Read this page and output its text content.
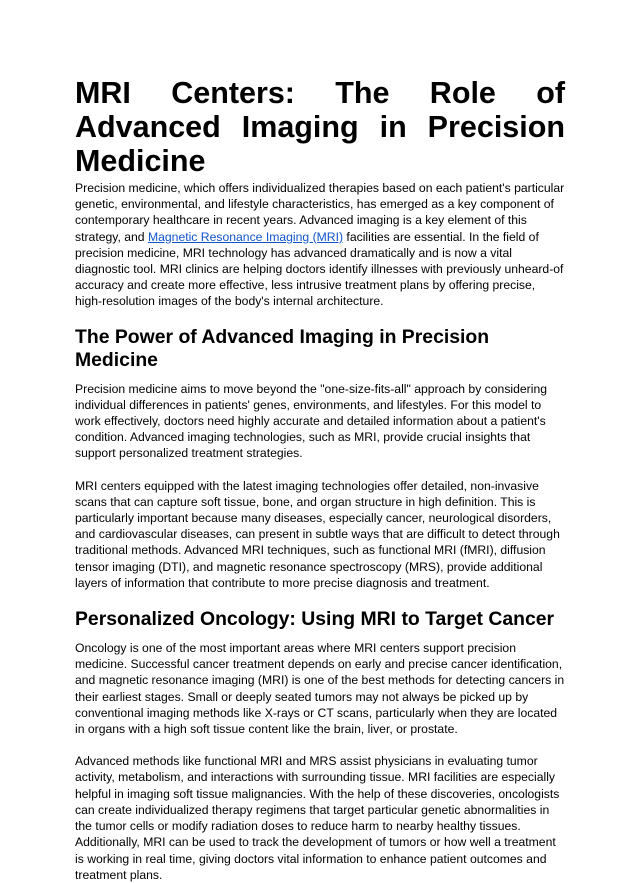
MRI Centers: The Role of Advanced Imaging in Precision Medicine

Precision medicine, which offers individualized therapies based on each patient's particular genetic, environmental, and lifestyle characteristics, has emerged as a key component of contemporary healthcare in recent years. Advanced imaging is a key element of this strategy, and Magnetic Resonance Imaging (MRI) facilities are essential. In the field of precision medicine, MRI technology has advanced dramatically and is now a vital diagnostic tool. MRI clinics are helping doctors identify illnesses with previously unheard-of accuracy and create more effective, less intrusive treatment plans by offering precise, high-resolution images of the body's internal architecture.

The Power of Advanced Imaging in Precision Medicine

Precision medicine aims to move beyond the "one-size-fits-all" approach by considering individual differences in patients' genes, environments, and lifestyles. For this model to work effectively, doctors need highly accurate and detailed information about a patient's condition. Advanced imaging technologies, such as MRI, provide crucial insights that support personalized treatment strategies.

MRI centers equipped with the latest imaging technologies offer detailed, non-invasive scans that can capture soft tissue, bone, and organ structure in high definition. This is particularly important because many diseases, especially cancer, neurological disorders, and cardiovascular diseases, can present in subtle ways that are difficult to detect through traditional methods. Advanced MRI techniques, such as functional MRI (fMRI), diffusion tensor imaging (DTI), and magnetic resonance spectroscopy (MRS), provide additional layers of information that contribute to more precise diagnosis and treatment.

Personalized Oncology: Using MRI to Target Cancer

Oncology is one of the most important areas where MRI centers support precision medicine. Successful cancer treatment depends on early and precise cancer identification, and magnetic resonance imaging (MRI) is one of the best methods for detecting cancers in their earliest stages. Small or deeply seated tumors may not always be picked up by conventional imaging methods like X-rays or CT scans, particularly when they are located in organs with a high soft tissue content like the brain, liver, or prostate.

Advanced methods like functional MRI and MRS assist physicians in evaluating tumor activity, metabolism, and interactions with surrounding tissue. MRI facilities are especially helpful in imaging soft tissue malignancies. With the help of these discoveries, oncologists can create individualized therapy regimens that target particular genetic abnormalities in the tumor cells or modify radiation doses to reduce harm to nearby healthy tissues. Additionally, MRI can be used to track the development of tumors or how well a treatment is working in real time, giving doctors vital information to enhance patient outcomes and treatment plans.
